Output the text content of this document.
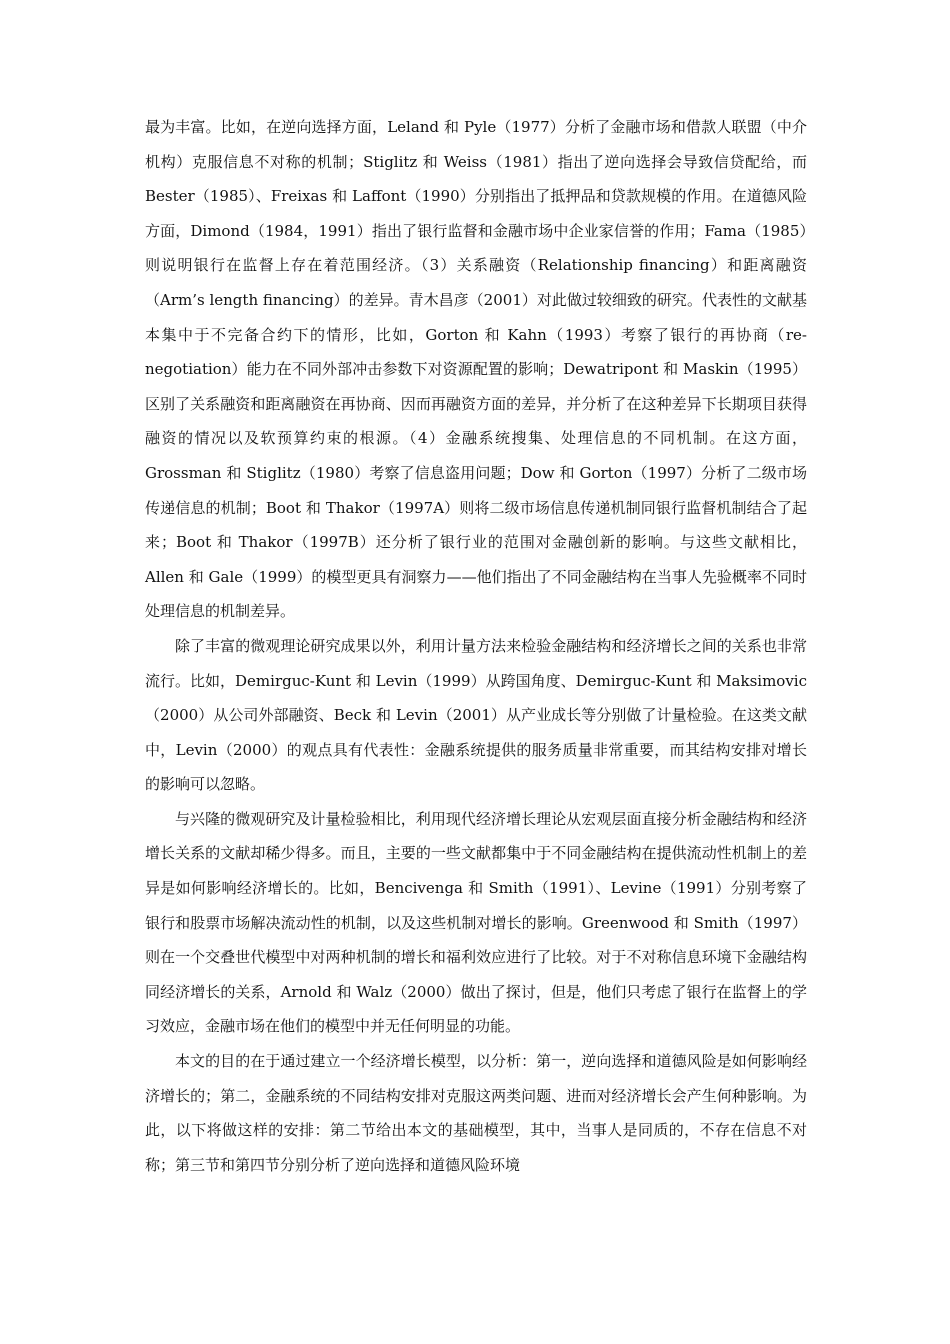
最为丰富。比如，在逆向选择方面，Leland 和 Pyle（1977）分析了金融市场和借款人联盟（中介机构）克服信息不对称的机制；Stiglitz 和 Weiss（1981）指出了逆向选择会导致信贷配给，而 Bester（1985）、Freixas 和 Laffont（1990）分别指出了抵押品和贷款规模的作用。在道德风险方面，Dimond（1984，1991）指出了银行监督和金融市场中企业家信誉的作用；Fama（1985）则说明银行在监督上存在着范围经济。（3）关系融资（Relationship financing）和距离融资（Arm’s length financing）的差异。青木昌彦（2001）对此做过较细致的研究。代表性的文献基本集中于不完备合约下的情形，比如，Gorton 和 Kahn（1993）考察了银行的再协商（re-negotiation）能力在不同外部冲击参数下对资源配置的影响；Dewatripont 和 Maskin（1995）区别了关系融资和距离融资在再协商、因而再融资方面的差异，并分析了在这种差异下长期项目获得融资的情况以及软预算约束的根源。（4）金融系统搜集、处理信息的不同机制。在这方面，Grossman 和 Stiglitz（1980）考察了信息盗用问题；Dow 和 Gorton（1997）分析了二级市场传递信息的机制；Boot 和 Thakor（1997A）则将二级市场信息传递机制同银行监督机制结合了起来；Boot 和 Thakor（1997B）还分析了银行业的范围对金融创新的影响。与这些文献相比，Allen 和 Gale（1999）的模型更具有洞察力——他们指出了不同金融结构在当事人先验概率不同时处理信息的机制差异。

除了丰富的微观理论研究成果以外，利用计量方法来检验金融结构和经济增长之间的关系也非常流行。比如，Demirguc-Kunt 和 Levin（1999）从跨国角度、Demirguc-Kunt 和 Maksimovic（2000）从公司外部融资、Beck 和 Levin（2001）从产业成长等分别做了计量检验。在这类文献中，Levin（2000）的观点具有代表性：金融系统提供的服务质量非常重要，而其结构安排对增长的影响可以忽略。

与兴隆的微观研究及计量检验相比，利用现代经济增长理论从宏观层面直接分析金融结构和经济增长关系的文献却稀少得多。而且，主要的一些文献都集中于不同金融结构在提供流动性机制上的差异是如何影响经济增长的。比如，Bencivenga 和 Smith（1991）、Levine（1991）分别考察了银行和股票市场解决流动性的机制，以及这些机制对增长的影响。Greenwood 和 Smith（1997）则在一个交叠世代模型中对两种机制的增长和福利效应进行了比较。对于不对称信息环境下金融结构同经济增长的关系，Arnold 和 Walz（2000）做出了探讨，但是，他们只考虑了银行在监督上的学习效应，金融市场在他们的模型中并无任何明显的功能。

本文的目的在于通过建立一个经济增长模型，以分析：第一，逆向选择和道德风险是如何影响经济增长的；第二，金融系统的不同结构安排对克服这两类问题、进而对经济增长会产生何种影响。为此，以下将做这样的安排：第二节给出本文的基础模型，其中，当事人是同质的，不存在信息不对称；第三节和第四节分别分析了逆向选择和道德风险环境
